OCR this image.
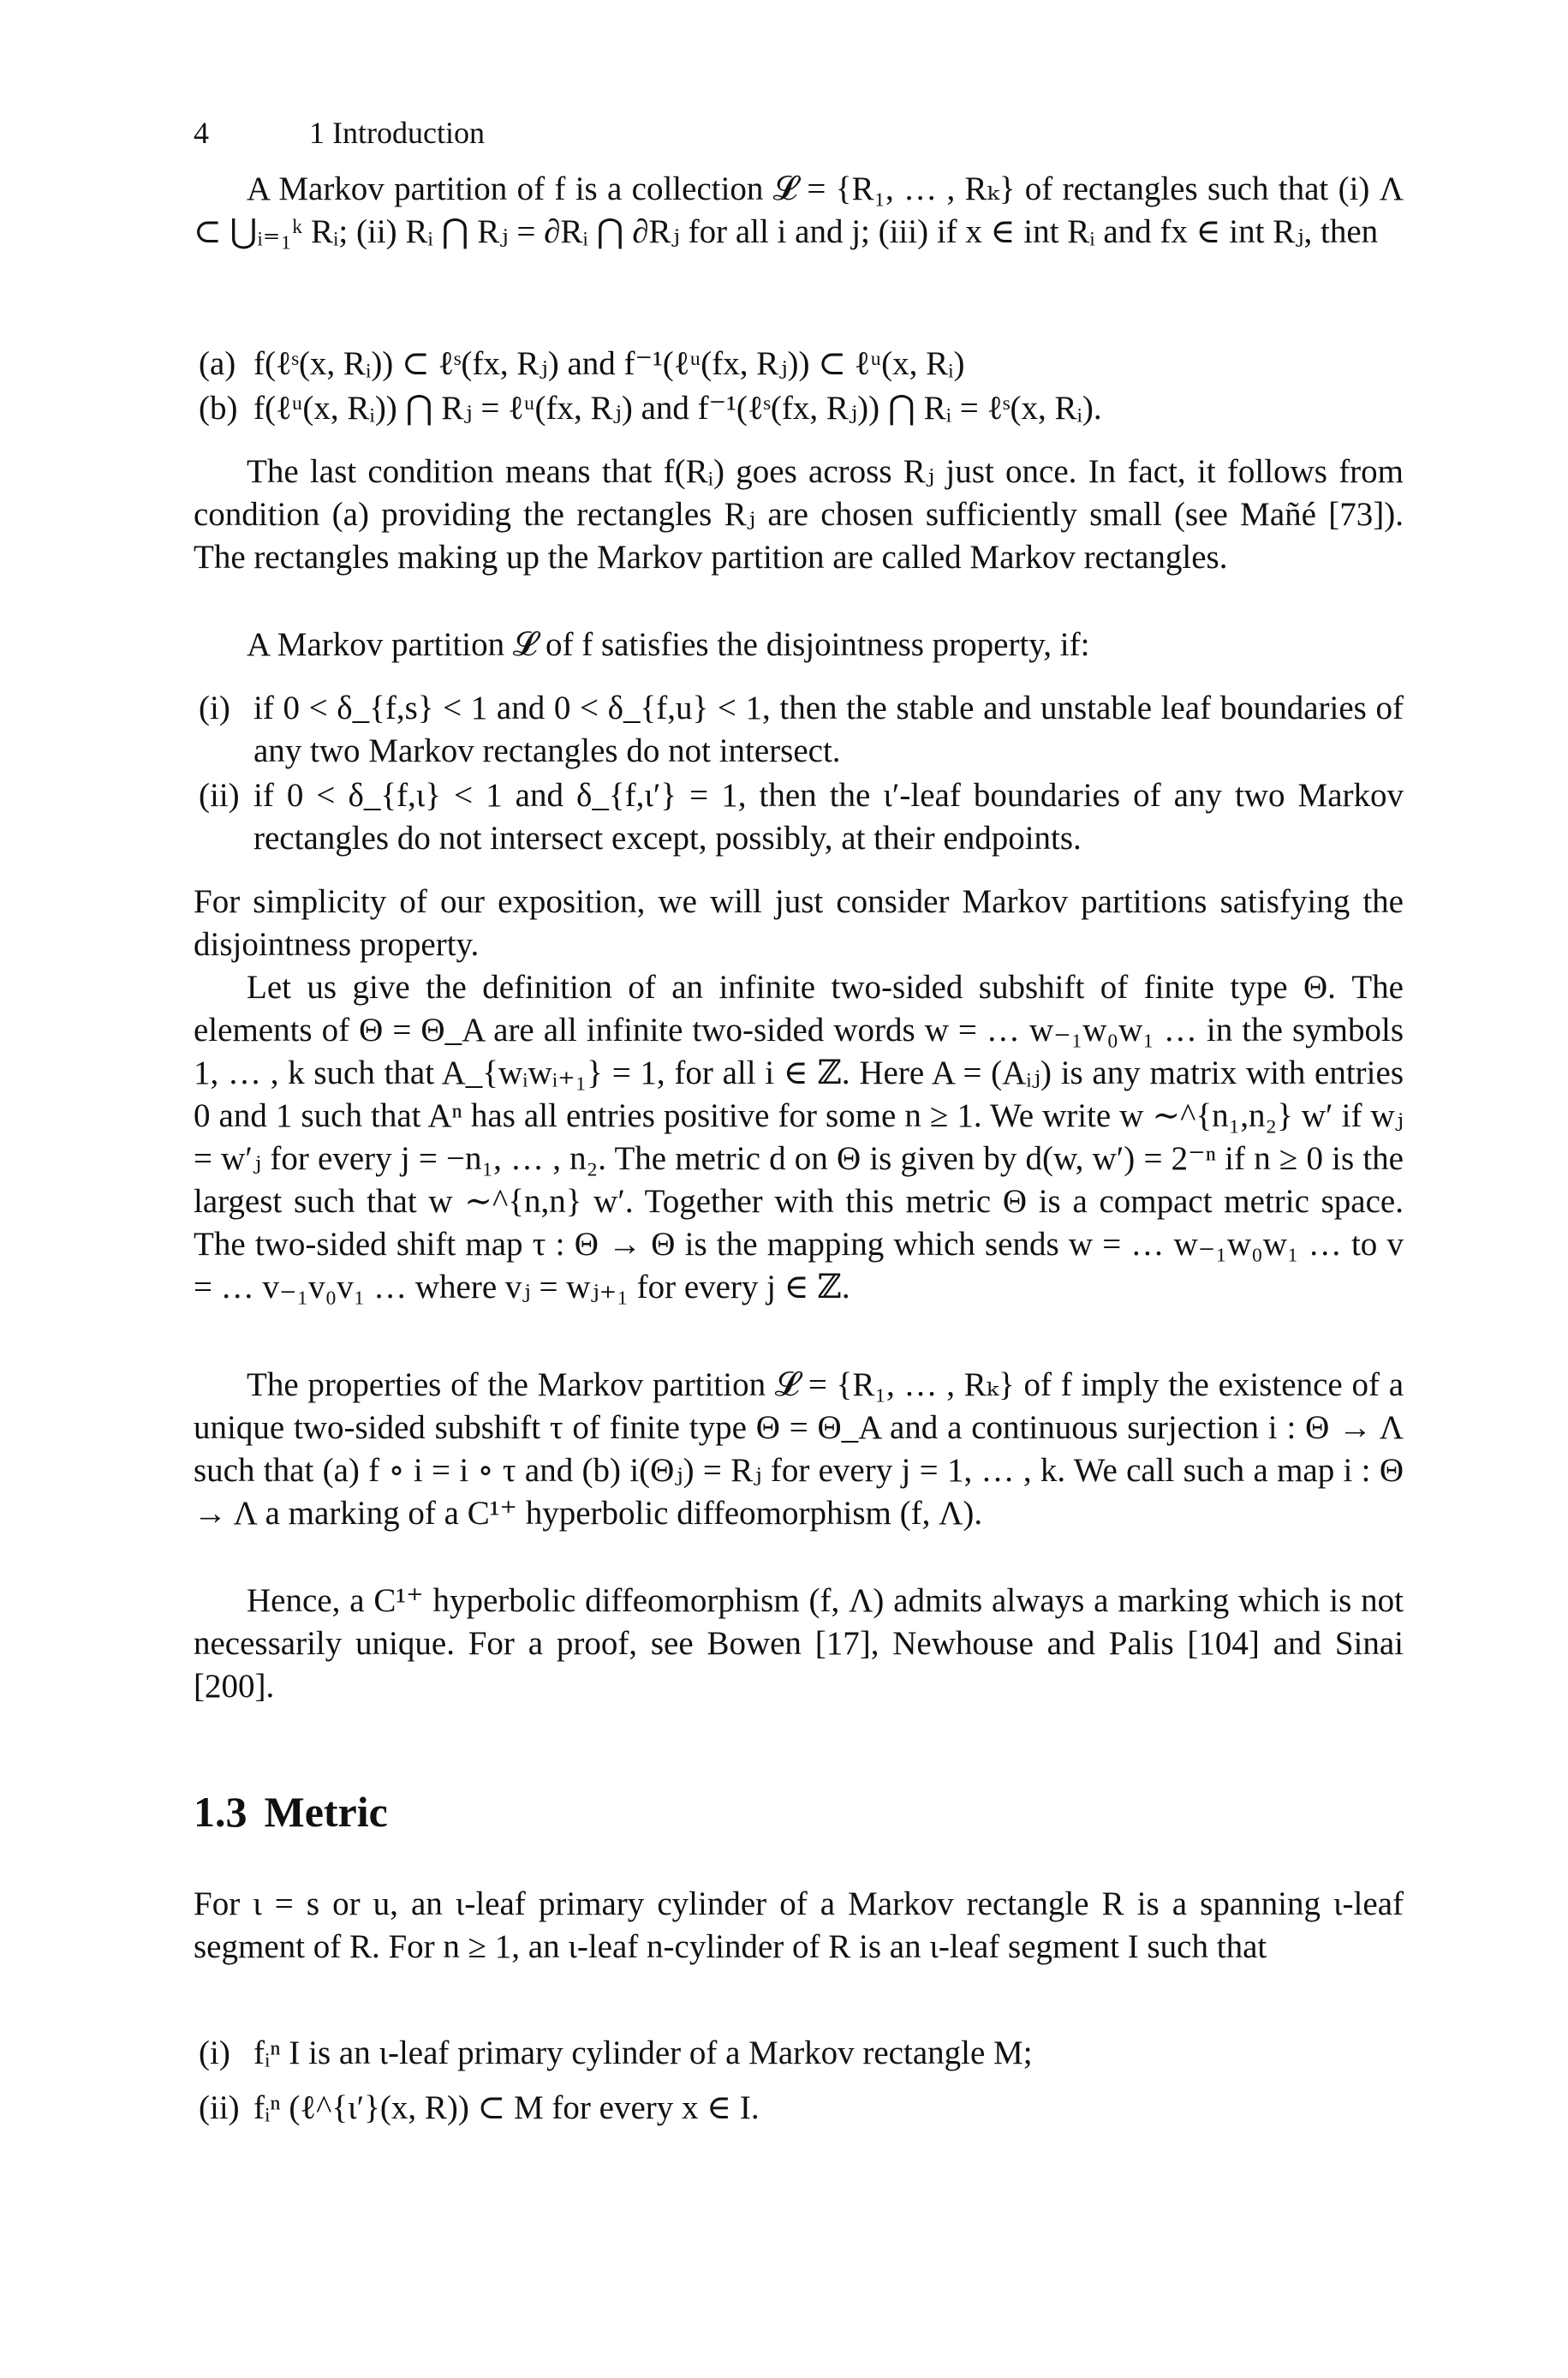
4	1 Introduction

A Markov partition of f is a collection 𝓛 = {R₁, … , Rₖ} of rectangles such that (i) Λ ⊂ ⋃ᵢ₌₁ᵏ Rᵢ; (ii) Rᵢ ⋂ Rⱼ = ∂Rᵢ ⋂ ∂Rⱼ for all i and j; (iii) if x ∈ int Rᵢ and fx ∈ int Rⱼ, then

(a) f(ℓˢ(x, Rᵢ)) ⊂ ℓˢ(fx, Rⱼ) and f⁻¹(ℓᵘ(fx, Rⱼ)) ⊂ ℓᵘ(x, Rᵢ)
(b) f(ℓᵘ(x, Rᵢ)) ⋂ Rⱼ = ℓᵘ(fx, Rⱼ) and f⁻¹(ℓˢ(fx, Rⱼ)) ⋂ Rᵢ = ℓˢ(x, Rᵢ).

The last condition means that f(Rᵢ) goes across Rⱼ just once. In fact, it follows from condition (a) providing the rectangles Rⱼ are chosen sufficiently small (see Mañé [73]). The rectangles making up the Markov partition are called Markov rectangles.

A Markov partition 𝓛 of f satisfies the disjointness property, if:

(i) if 0 < δ_{f,s} < 1 and 0 < δ_{f,u} < 1, then the stable and unstable leaf boundaries of any two Markov rectangles do not intersect.
(ii) if 0 < δ_{f,ι} < 1 and δ_{f,ι′} = 1, then the ι′-leaf boundaries of any two Markov rectangles do not intersect except, possibly, at their endpoints.

For simplicity of our exposition, we will just consider Markov partitions satisfying the disjointness property.

Let us give the definition of an infinite two-sided subshift of finite type Θ. The elements of Θ = Θ_A are all infinite two-sided words w = … w₋₁w₀w₁ … in the symbols 1, … , k such that A_{wᵢwᵢ₊₁} = 1, for all i ∈ ℤ. Here A = (Aᵢⱼ) is any matrix with entries 0 and 1 such that Aⁿ has all entries positive for some n ≥ 1. We write w ∼^{n₁,n₂} w′ if wⱼ = w′ⱼ for every j = −n₁, … , n₂. The metric d on Θ is given by d(w, w′) = 2⁻ⁿ if n ≥ 0 is the largest such that w ∼^{n,n} w′. Together with this metric Θ is a compact metric space. The two-sided shift map τ : Θ → Θ is the mapping which sends w = … w₋₁w₀w₁ … to v = … v₋₁v₀v₁ … where vⱼ = wⱼ₊₁ for every j ∈ ℤ.

The properties of the Markov partition 𝓛 = {R₁, … , Rₖ} of f imply the existence of a unique two-sided subshift τ of finite type Θ = Θ_A and a continuous surjection i : Θ → Λ such that (a) f ∘ i = i ∘ τ and (b) i(Θⱼ) = Rⱼ for every j = 1, … , k. We call such a map i : Θ → Λ a marking of a C¹⁺ hyperbolic diffeomorphism (f, Λ).

Hence, a C¹⁺ hyperbolic diffeomorphism (f, Λ) admits always a marking which is not necessarily unique. For a proof, see Bowen [17], Newhouse and Palis [104] and Sinai [200].

1.3 Metric

For ι = s or u, an ι-leaf primary cylinder of a Markov rectangle R is a spanning ι-leaf segment of R. For n ≥ 1, an ι-leaf n-cylinder of R is an ι-leaf segment I such that

(i) fᵢⁿ I is an ι-leaf primary cylinder of a Markov rectangle M;
(ii) fᵢⁿ (ℓ^{ι′}(x, R)) ⊂ M for every x ∈ I.
